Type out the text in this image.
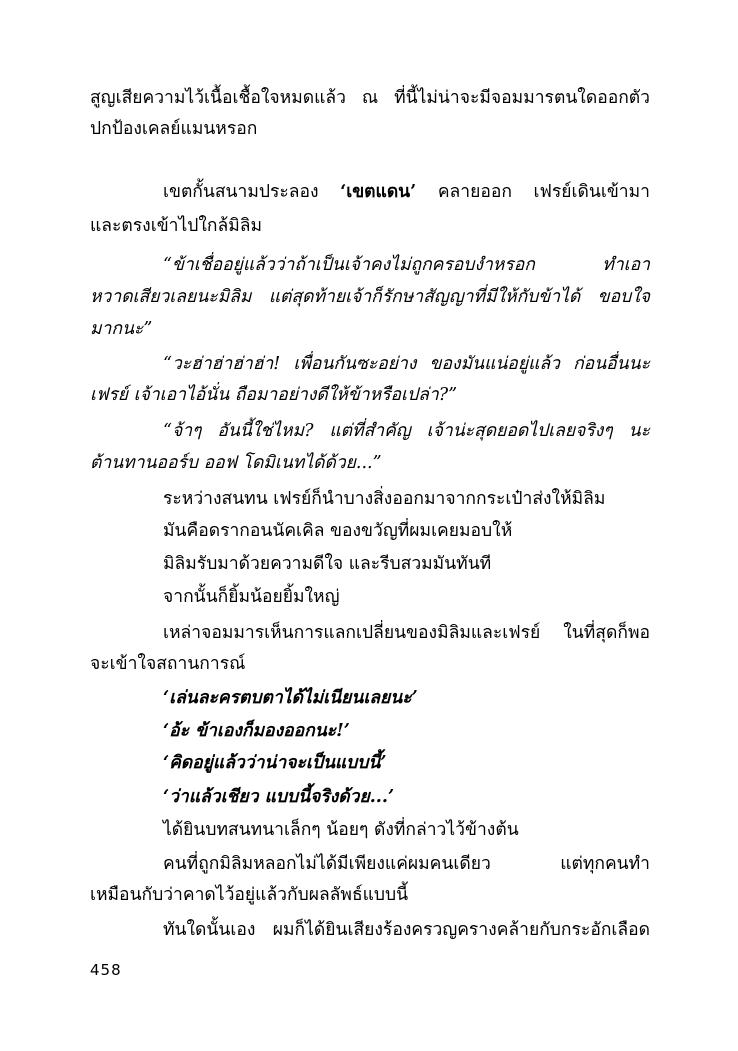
สูญเสียความไว้เนื้อเชื้อใจหมดแล้ว ณ ที่นี้ไม่น่าจะมีจอมมารตนใดออกตัว
ปกป้องเคลย์แมนหรอก
เขตกั้นสนามประลอง ‘เขตแดน’ คลายออก เฟรย์เดินเข้ามา
และตรงเข้าไปใกล้มิลิม
“ข้าเชื่ออยู่แล้วว่าถ้าเป็นเจ้าคงไม่ถูกครอบงำหรอก ทำเอา
หวาดเสียวเลยนะมิลิม แต่สุดท้ายเจ้าก็รักษาสัญญาที่มีให้กับข้าได้ ขอบใจ
มากนะ”
“วะฮ่าฮ่าฮ่าฮ่า! เพื่อนกันซะอย่าง ของมันแน่อยู่แล้ว ก่อนอื่นนะ
เฟรย์ เจ้าเอาไอ้นั่น ถือมาอย่างดีให้ข้าหรือเปล่า?”
“จ้าๆ อันนี้ใช่ไหม? แต่ที่สำคัญ เจ้าน่ะสุดยอดไปเลยจริงๆ นะ
ต้านทานออร์บ ออฟ โดมิเนทได้ด้วย...”
ระหว่างสนทน เฟรย์ก็นำบางสิ่งออกมาจากกระเป๋าส่งให้มิลิม
มันคือดรากอนนัคเคิล ของขวัญที่ผมเคยมอบให้
มิลิมรับมาด้วยความดีใจ และรีบสวมมันทันที
จากนั้นก็ยิ้มน้อยยิ้มใหญ่
เหล่าจอมมารเห็นการแลกเปลี่ยนของมิลิมและเฟรย์ ในที่สุดก็พอ
จะเข้าใจสถานการณ์
‘เล่นละครตบตาได้ไม่เนียนเลยนะ’
‘อ้ะ ข้าเองก็มองออกนะ!’
‘คิดอยู่แล้วว่าน่าจะเป็นแบบนี้’
‘ว่าแล้วเชียว แบบนี้จริงด้วย...’
ได้ยินบทสนทนาเล็กๆ น้อยๆ ดังที่กล่าวไว้ข้างต้น
คนที่ถูกมิลิมหลอกไม่ได้มีเพียงแค่ผมคนเดียว แต่ทุกคนทำ
เหมือนกับว่าคาดไว้อยู่แล้วกับผลลัพธ์แบบนี้
ทันใดนั้นเอง ผมก็ได้ยินเสียงร้องครวญครางคล้ายกับกระอักเลือด
458
